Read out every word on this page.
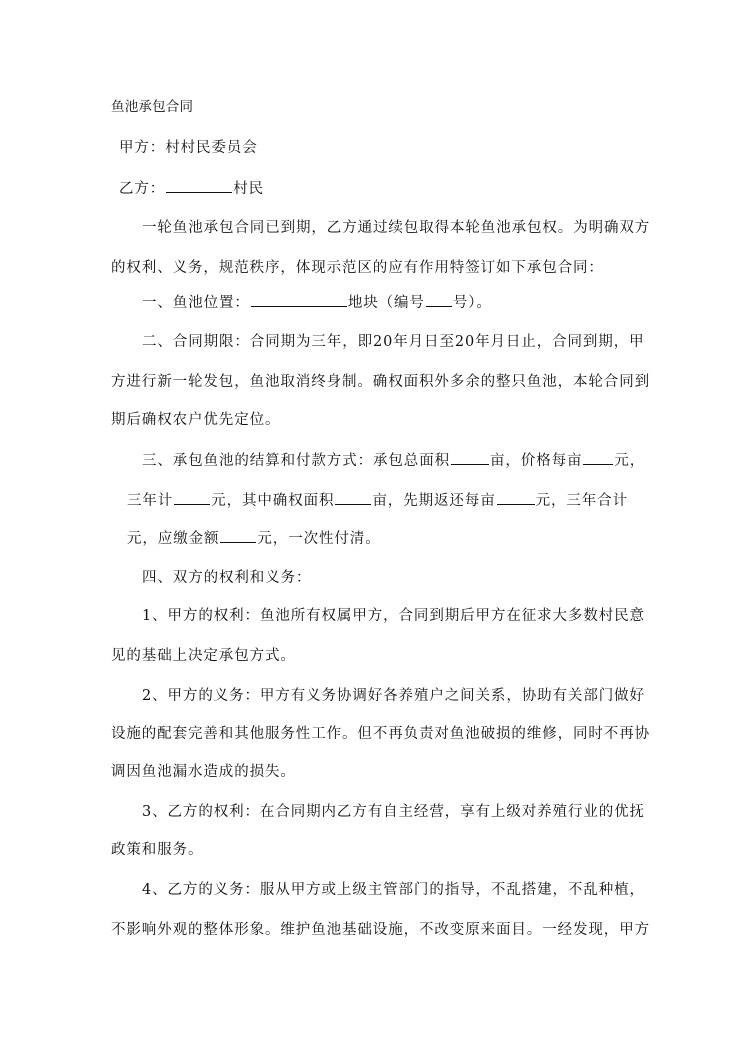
鱼池承包合同
甲方：村村民委员会
乙方：	村民
一轮鱼池承包合同已到期，乙方通过续包取得本轮鱼池承包权。为明确双方
的权利、义务，规范秩序，体现示范区的应有作用特签订如下承包合同：
一、鱼池位置：	地块（编号 号）。
二、合同期限：合同期为三年，即20年月日至20年月日止，合同到期，甲
方进行新一轮发包，鱼池取消终身制。确权面积外多余的整只鱼池，本轮合同到
期后确权农户优先定位。
三、承包鱼池的结算和付款方式：承包总面积	亩，价格每亩 元，
三年计	元，其中确权面积	亩，先期返还每亩	元，三年合计
元，应缴金额	元，一次性付清。
四、双方的权利和义务：
1、甲方的权利：鱼池所有权属甲方，合同到期后甲方在征求大多数村民意
见的基础上决定承包方式。
2、甲方的义务：甲方有义务协调好各养殖户之间关系，协助有关部门做好
设施的配套完善和其他服务性工作。但不再负责对鱼池破损的维修，同时不再协
调因鱼池漏水造成的损失。
3、乙方的权利：在合同期内乙方有自主经营，享有上级对养殖行业的优抚
政策和服务。
4、乙方的义务：服从甲方或上级主管部门的指导，不乱搭建，不乱种植，
不影响外观的整体形象。维护鱼池基础设施，不改变原来面目。一经发现，甲方
